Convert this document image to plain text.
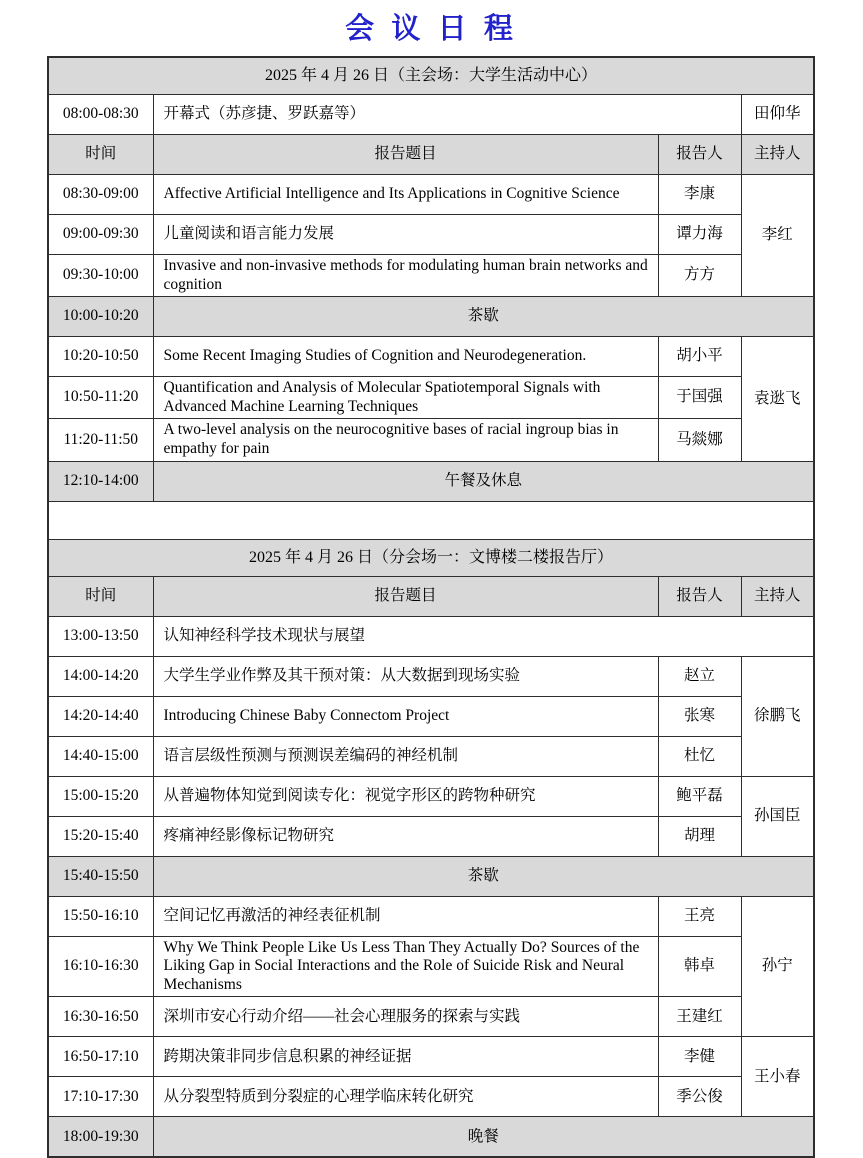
会 议 日 程
2025 年 4 月 26 日（主会场：大学生活动中心）			
08:00-08:30	开幕式（苏彦捷、罗跃嘉等）		田仰华
时间	报告题目	报告人	主持人
08:30-09:00	Affective Artificial Intelligence and Its Applications in Cognitive Science	李康	李红
09:00-09:30	儿童阅读和语言能力发展	谭力海	
09:30-10:00	Invasive and non-invasive methods for modulating human brain networks and cognition	方方	
10:00-10:20	茶歇		
10:20-10:50	Some Recent Imaging Studies of Cognition and Neurodegeneration.	胡小平	袁逖飞
10:50-11:20	Quantification and Analysis of Molecular Spatiotemporal Signals with Advanced Machine Learning Techniques	于国强	
11:20-11:50	A two-level analysis on the neurocognitive bases of racial ingroup bias in empathy for pain	马燚娜	
12:10-14:00	午餐及休息		

2025 年 4 月 26 日（分会场一：文博楼二楼报告厅）			
时间	报告题目	报告人	主持人
13:00-13:50	认知神经科学技术现状与展望		
14:00-14:20	大学生学业作弊及其干预对策：从大数据到现场实验	赵立	徐鹏飞
14:20-14:40	Introducing Chinese Baby Connectom Project	张寒	
14:40-15:00	语言层级性预测与预测误差编码的神经机制	杜忆	
15:00-15:20	从普遍物体知觉到阅读专化：视觉字形区的跨物种研究	鲍平磊	孙国臣
15:20-15:40	疼痛神经影像标记物研究	胡理	
15:40-15:50	茶歇		
15:50-16:10	空间记忆再激活的神经表征机制	王亮	孙宁
16:10-16:30	Why We Think People Like Us Less Than They Actually Do? Sources of the Liking Gap in Social Interactions and the Role of Suicide Risk and Neural Mechanisms	韩卓	
16:30-16:50	深圳市安心行动介绍——社会心理服务的探索与实践	王建红	
16:50-17:10	跨期决策非同步信息积累的神经证据	李健	王小春
17:10-17:30	从分裂型特质到分裂症的心理学临床转化研究	季公俊	
18:00-19:30	晚餐		
